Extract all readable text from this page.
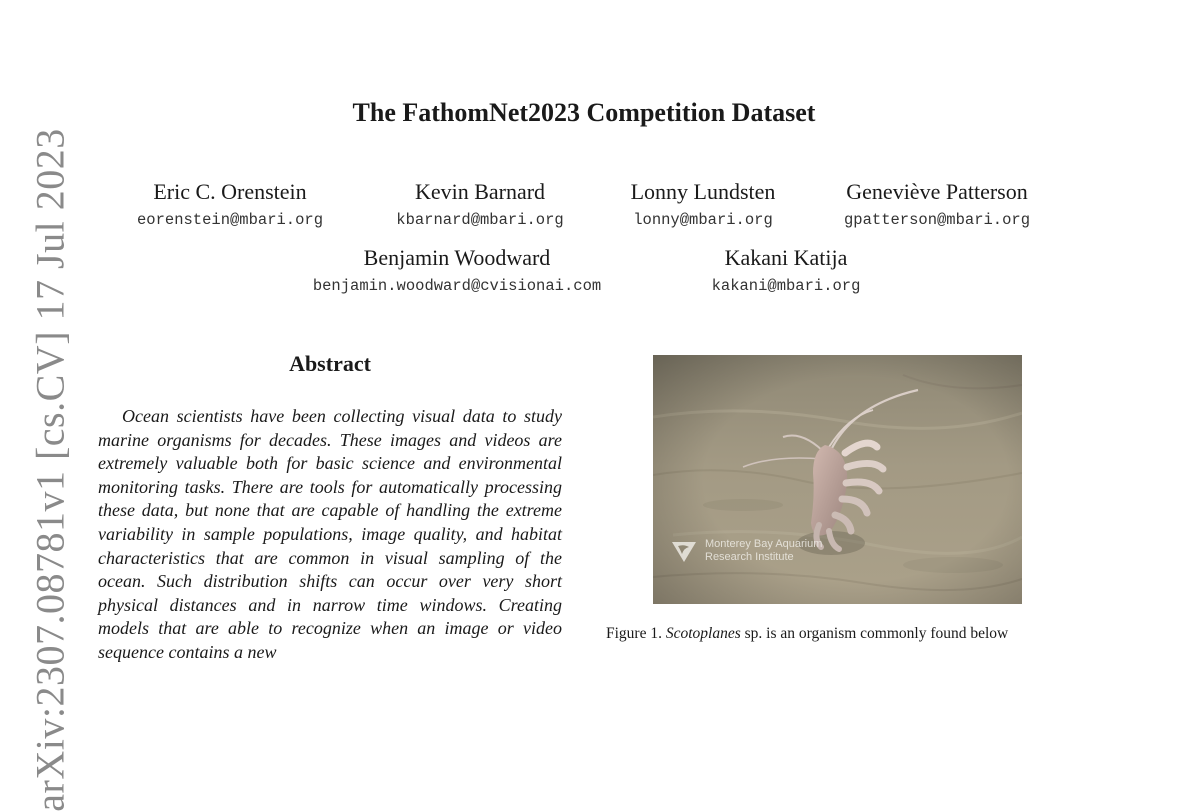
arXiv:2307.08781v1 [cs.CV] 17 Jul 2023
The FathomNet2023 Competition Dataset
Eric C. Orenstein
eorenstein@mbari.org
Kevin Barnard
kbarnard@mbari.org
Lonny Lundsten
lonny@mbari.org
Geneviève Patterson
gpatterson@mbari.org
Benjamin Woodward
benjamin.woodward@cvisionai.com
Kakani Katija
kakani@mbari.org
Abstract

Ocean scientists have been collecting visual data to study marine organisms for decades. These images and videos are extremely valuable both for basic science and environmental monitoring tasks. There are tools for automatically processing these data, but none that are capable of handling the extreme variability in sample populations, image quality, and habitat characteristics that are common in visual sampling of the ocean. Such distribution shifts can occur over very short physical distances and in narrow time windows. Creating models that are able to recognize when an image or video sequence contains a new

Monterey Bay Aquarium
Research Institute

Figure 1. Scotoplanes sp. is an organism commonly found below
